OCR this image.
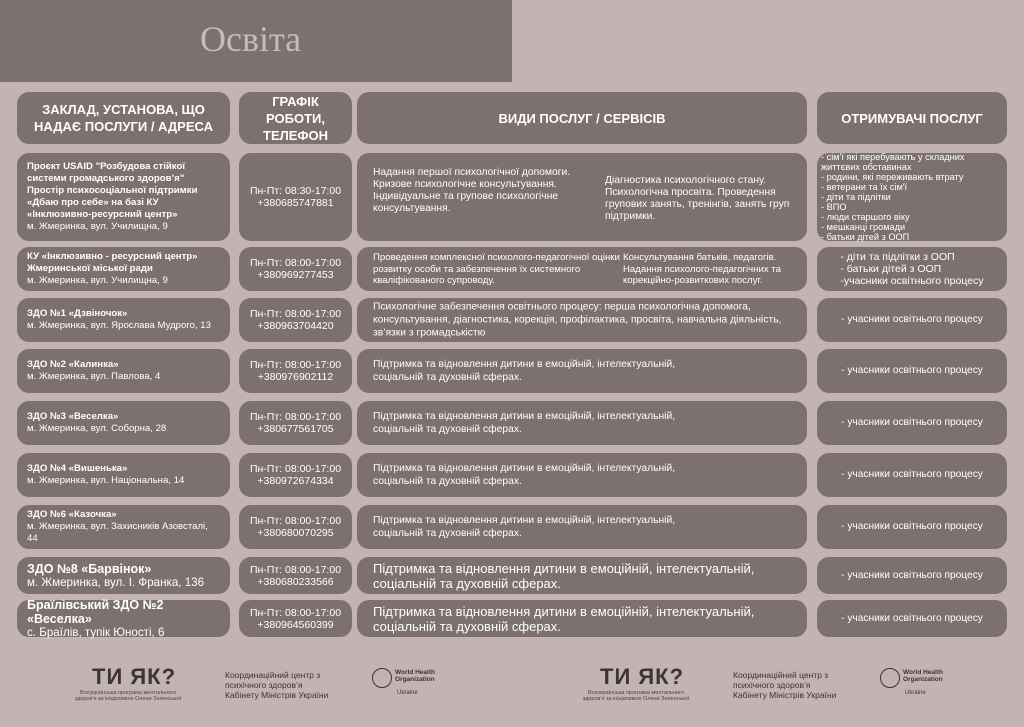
Освіта
ЗАКЛАД, УСТАНОВА, ЩО НАДАЄ ПОСЛУГИ / АДРЕСА
ГРАФІК РОБОТИ, ТЕЛЕФОН
ВИДИ ПОСЛУГ / СЕРВІСІВ	ОТРИМУВАЧІ ПОСЛУГ
Проєкт USAID "Розбудова стійкої системи громадського здоров’я" Простір психосоціальної підтримки «Дбаю про себе» на базі КУ «Інклюзивно-ресурсний центр»
м. Жмеринка, вул. Училищна, 9
Пн-Пт: 08:30-17:00
+380685747881
Надання першої психологічної допомоги. Кризове психологічне консультування. Індивідуальне та групове психологічне консультування.
Діагностика психологічного стану. Психологічна просвіта. Проведення групових занять, тренінгів, занять груп підтримки.
- сім'ї які перебувають у складних життєвих обставинах
- родини, які переживають втрату
- ветерани та їх сім'ї
- діти та підлітки
- ВПО
- люди старшого віку
- мешканці громади
- батьки дітей з ООП
КУ «Інклюзивно - ресурсний центр» Жмеринської міської ради
м. Жмеринка, вул. Училищна, 9
Пн-Пт: 08:00-17:00
+380969277453
Проведення комплексної психолого-педагогічної оцінки розвитку особи та забезпечення їх системного кваліфікованого супроводу.
Консультування батьків, педагогів. Надання психолого-педагогічних та корекційно-розвиткових послуг.
- діти та підлітки з ООП
- батьки дітей з ООП
-учасники освітнього процесу
ЗДО №1 «Дзвіночок»
м. Жмеринка, вул. Ярослава Мудрого, 13
Пн-Пт: 08:00-17:00
+380963704420
Психологічне забезпечення освітнього процесу: перша психологічна допомога, консультування, діагностика, корекція, профілактика, просвіта, навчальна діяльність, зв’язки з громадськістю
- учасники освітнього процесу
ЗДО №2 «Калинка»
м. Жмеринка, вул. Павлова, 4
Пн-Пт: 08:00-17:00
+380976902112
Підтримка та відновлення дитини в емоційній, інтелектуальній, соціальній та духовній сферах.
- учасники освітнього процесу
ЗДО №3 «Веселка»
м. Жмеринка, вул. Соборна, 28
Пн-Пт: 08:00-17:00
+380677561705
Підтримка та відновлення дитини в емоційній, інтелектуальній, соціальній та духовній сферах.
- учасники освітнього процесу
ЗДО №4 «Вишенька»
м. Жмеринка, вул. Національна, 14
Пн-Пт: 08:00-17:00
+380972674334
Підтримка та відновлення дитини в емоційній, інтелектуальній, соціальній та духовній сферах.
- учасники освітнього процесу
ЗДО №6 «Казочка»
м. Жмеринка, вул. Захисників Азовсталі, 44
Пн-Пт: 08:00-17:00
+380680070295
Підтримка та відновлення дитини в емоційній, інтелектуальній, соціальній та духовній сферах.
- учасники освітнього процесу
ЗДО №8 «Барвінок»
м. Жмеринка, вул. І. Франка, 136
Пн-Пт: 08:00-17:00
+380680233566
Підтримка та відновлення дитини в емоційній, інтелектуальній, соціальній та духовній сферах.
- учасники освітнього процесу
Браїлівський ЗДО №2 «Веселка»
с. Браїлів, тупік Юності, 6
Пн-Пт: 08:00-17:00
+380964560399
Підтримка та відновлення дитини в емоційній, інтелектуальній, соціальній та духовній сферах.
- учасники освітнього процесу
ТИ ЯК?
Всеукраїнська програма ментального здоров'я за ініціативою Олени Зеленської
Координаційний центр з психічного здоров’я Кабінету Міністрів України
World Health Organization
Ukraine
ТИ ЯК?
Всеукраїнська програма ментального здоров'я за ініціативою Олени Зеленської
Координаційний центр з психічного здоров’я Кабінету Міністрів України
World Health Organization
Ukraine
